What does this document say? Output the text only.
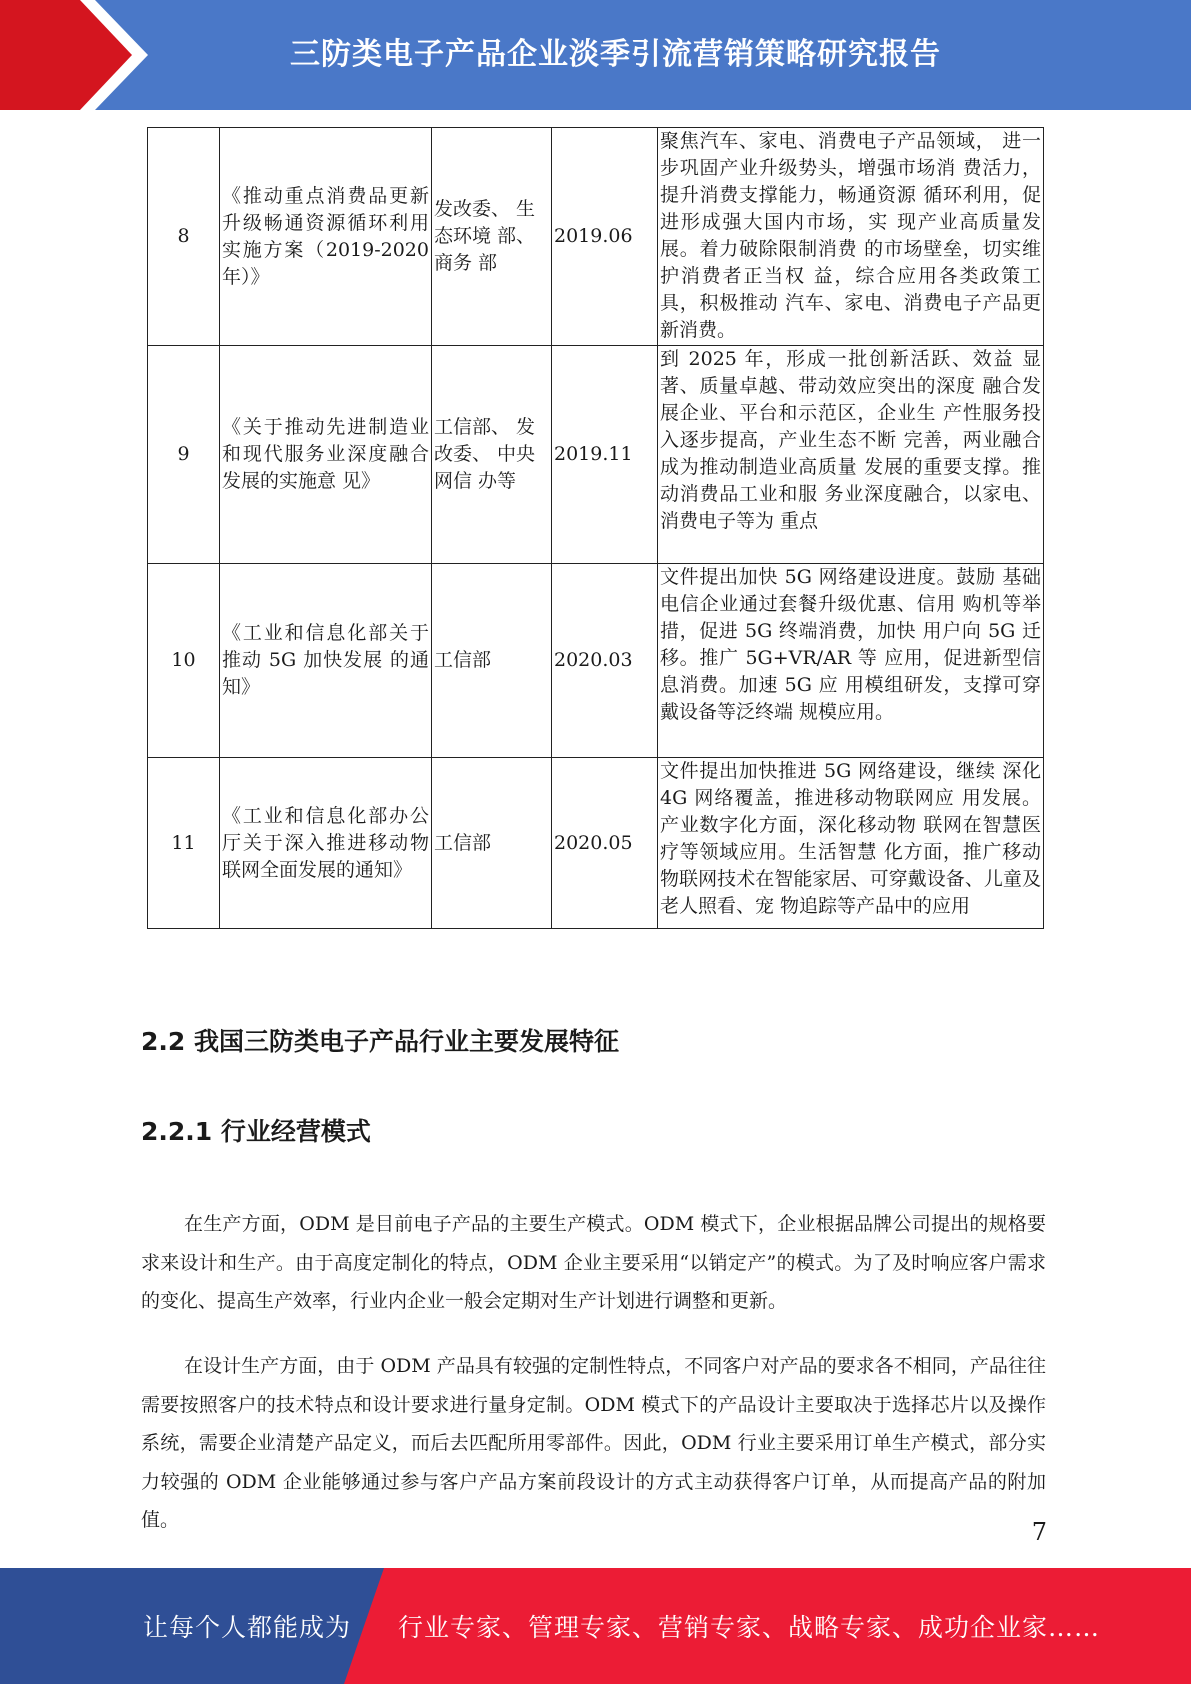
三防类电子产品企业淡季引流营销策略研究报告
8	《推动重点消费品更新升级畅通资源循环利用实施方案（2019-2020 年）》	发改委、 生态环境 部、商务 部	2019.06	聚焦汽车、家电、消费电子产品领域， 进一步巩固产业升级势头，增强市场消 费活力，提升消费支撑能力，畅通资源 循环利用，促进形成强大国内市场，实 现产业高质量发展。着力破除限制消费 的市场壁垒，切实维护消费者正当权 益，综合应用各类政策工具，积极推动 汽车、家电、消费电子产品更新消费。
9	《关于推动先进制造业和现代服务业深度融合发展的实施意 见》	工信部、 发改委、 中央网信 办等	2019.11	到 2025 年，形成一批创新活跃、效益 显著、质量卓越、带动效应突出的深度 融合发展企业、平台和示范区，企业生 产性服务投入逐步提高，产业生态不断 完善，两业融合成为推动制造业高质量 发展的重要支撑。推动消费品工业和服 务业深度融合，以家电、消费电子等为 重点
10	《工业和信息化部关于推动 5G 加快发展 的通知》	工信部	2020.03	文件提出加快 5G 网络建设进度。鼓励 基础电信企业通过套餐升级优惠、信用 购机等举措，促进 5G 终端消费，加快 用户向 5G 迁移。推广 5G+VR/AR 等 应用，促进新型信息消费。加速 5G 应 用模组研发，支撑可穿戴设备等泛终端 规模应用。
11	《工业和信息化部办公厅关于深入推进移动物联网全面发展的通知》	工信部	2020.05	文件提出加快推进 5G 网络建设，继续 深化 4G 网络覆盖，推进移动物联网应 用发展。产业数字化方面，深化移动物 联网在智慧医疗等领域应用。生活智慧 化方面，推广移动物联网技术在智能家居、可穿戴设备、儿童及老人照看、宠 物追踪等产品中的应用
2.2 我国三防类电子产品行业主要发展特征
2.2.1 行业经营模式

在生产方面，ODM 是目前电子产品的主要生产模式。ODM 模式下，企业根据品牌公司提出的规格要求来设计和生产。由于高度定制化的特点，ODM 企业主要采用“以销定产”的模式。为了及时响应客户需求的变化、提高生产效率，行业内企业一般会定期对生产计划进行调整和更新。

在设计生产方面，由于 ODM 产品具有较强的定制性特点，不同客户对产品的要求各不相同，产品往往需要按照客户的技术特点和设计要求进行量身定制。ODM 模式下的产品设计主要取决于选择芯片以及操作系统，需要企业清楚产品定义，而后去匹配所用零部件。因此，ODM 行业主要采用订单生产模式，部分实力较强的 ODM 企业能够通过参与客户产品方案前段设计的方式主动获得客户订单，从而提高产品的附加值。	7
让每个人都能成为 行业专家、管理专家、营销专家、战略专家、成功企业家……
